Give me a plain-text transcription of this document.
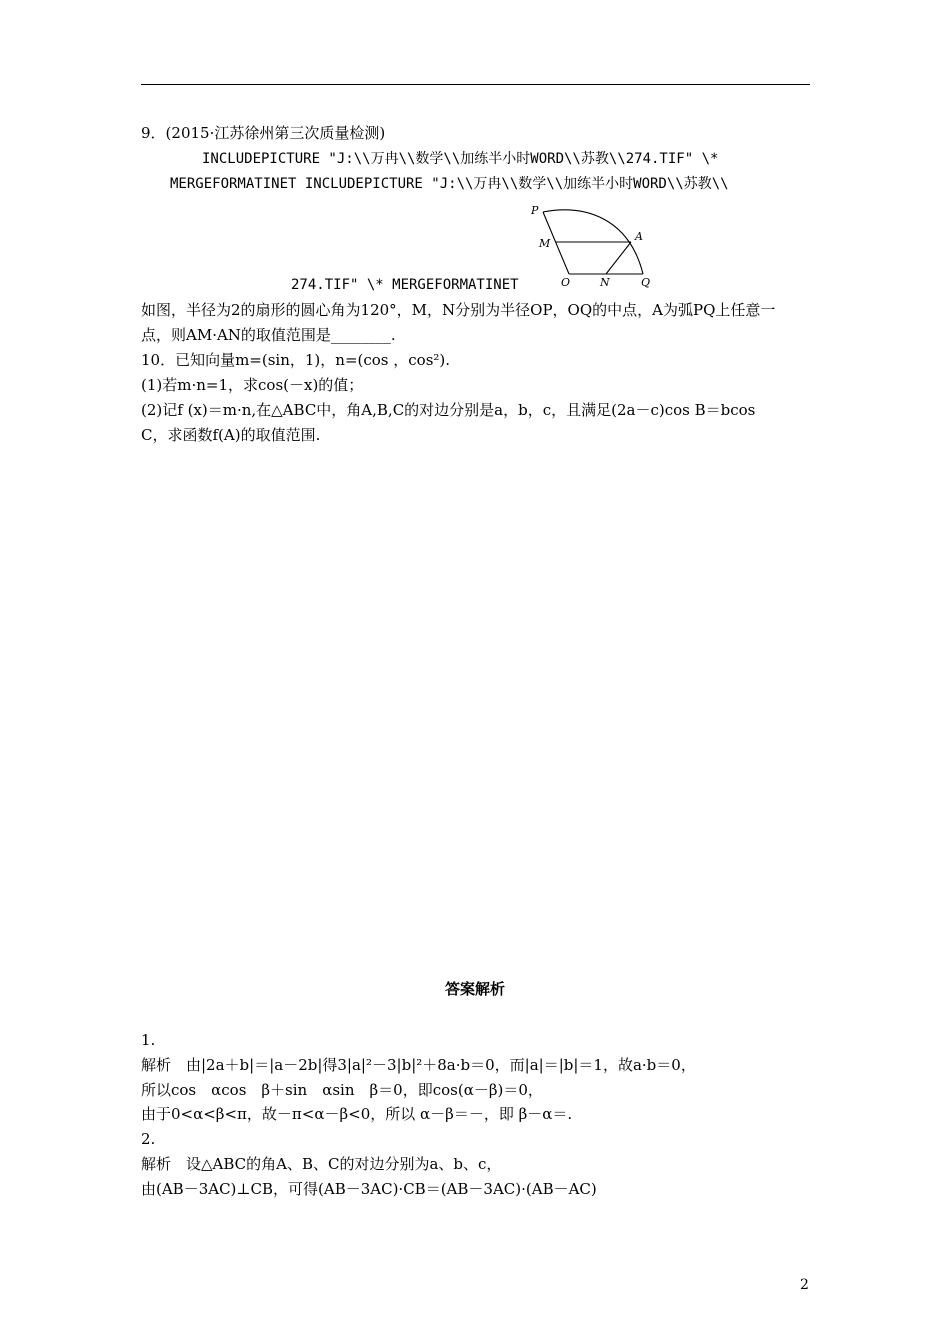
9．(2015·江苏徐州第三次质量检测)
INCLUDEPICTURE "J:\\万冉\\数学\\加练半小时WORD\\苏教\\274.TIF" \*
MERGEFORMATINET INCLUDEPICTURE "J:\\万冉\\数学\\加练半小时WORD\\苏教\\
P
M
A
O	N	Q
274.TIF" \* MERGEFORMATINET
如图，半径为2的扇形的圆心角为120°，M，N分别为半径OP，OQ的中点，A为弧PQ上任意一
点，则AM·AN的取值范围是________.
10．已知向量m=(sin，1)，n=(cos ，cos²).
(1)若m·n=1，求cos(－x)的值；
(2)记f (x)＝m·n,在△ABC中，角A,B,C的对边分别是a，b，c，且满足(2a－c)cos B＝bcos
C，求函数f(A)的取值范围.
答案解析
1.
解析　由|2a＋b|＝|a－2b|得3|a|²－3|b|²＋8a·b＝0，而|a|＝|b|＝1，故a·b＝0，
所以cos　αcos　β＋sin　αsin　β＝0，即cos(α－β)＝0，
由于0<α<β<π，故－π<α－β<0，所以 α－β＝－，即 β－α＝.
2.
解析　设△ABC的角A、B、C的对边分别为a、b、c，
由(AB－3AC)⊥CB，可得(AB－3AC)·CB＝(AB－3AC)·(AB－AC)
2
